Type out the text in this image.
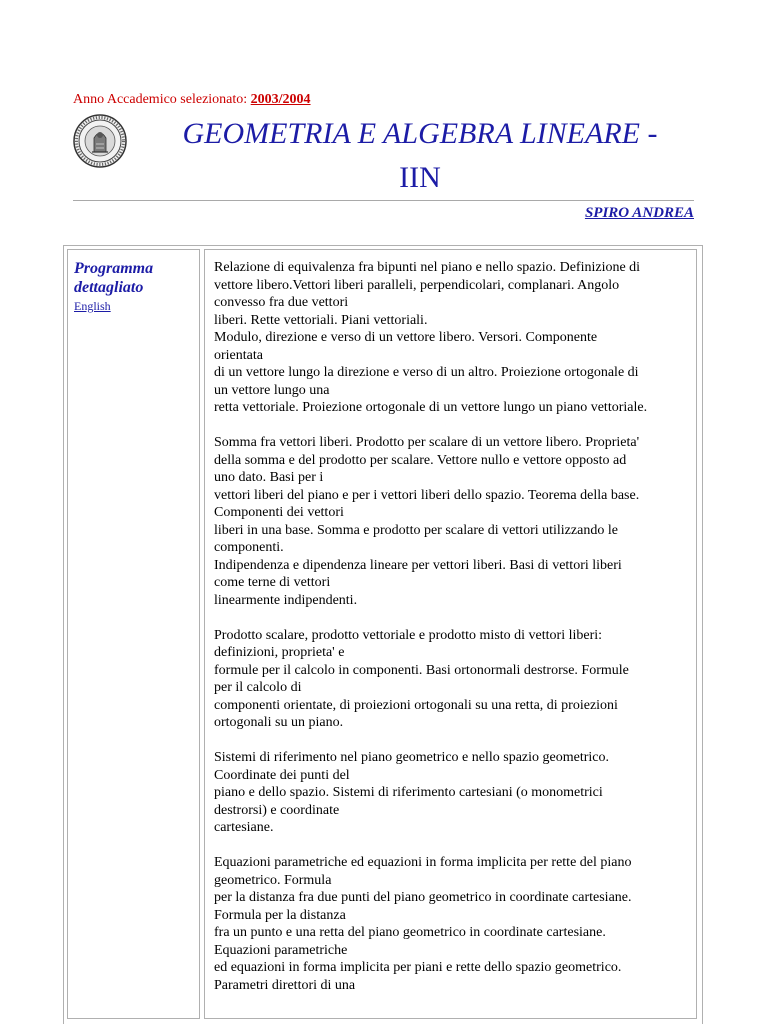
Anno Accademico selezionato: 2003/2004
GEOMETRIA E ALGEBRA LINEARE -
IIN
SPIRO ANDREA
Programma
dettagliato
English
Relazione di equivalenza fra bipunti nel piano e nello spazio. Definizione di
vettore libero.Vettori liberi paralleli, perpendicolari, complanari. Angolo
convesso fra due vettori
liberi. Rette vettoriali. Piani vettoriali.
Modulo, direzione e verso di un vettore libero. Versori. Componente
orientata
di un vettore lungo la direzione e verso di un altro. Proiezione ortogonale di
un vettore lungo una
retta vettoriale. Proiezione ortogonale di un vettore lungo un piano vettoriale.
Somma fra vettori liberi. Prodotto per scalare di un vettore libero. Proprieta'
della somma e del prodotto per scalare. Vettore nullo e vettore opposto ad
uno dato. Basi per i
vettori liberi del piano e per i vettori liberi dello spazio. Teorema della base.
Componenti dei vettori
liberi in una base. Somma e prodotto per scalare di vettori utilizzando le
componenti.
Indipendenza e dipendenza lineare per vettori liberi. Basi di vettori liberi
come terne di vettori
linearmente indipendenti.
Prodotto scalare, prodotto vettoriale e prodotto misto di vettori liberi:
definizioni, proprieta' e
formule per il calcolo in componenti. Basi ortonormali destrorse. Formule
per il calcolo di
componenti orientate, di proiezioni ortogonali su una retta, di proiezioni
ortogonali su un piano.
Sistemi di riferimento nel piano geometrico e nello spazio geometrico.
Coordinate dei punti del
piano e dello spazio. Sistemi di riferimento cartesiani (o monometrici
destrorsi) e coordinate
cartesiane.
Equazioni parametriche ed equazioni in forma implicita per rette del piano
geometrico. Formula
per la distanza fra due punti del piano geometrico in coordinate cartesiane.
Formula per la distanza
fra un punto e una retta del piano geometrico in coordinate cartesiane.
Equazioni parametriche
ed equazioni in forma implicita per piani e rette dello spazio geometrico.
Parametri direttori di una
